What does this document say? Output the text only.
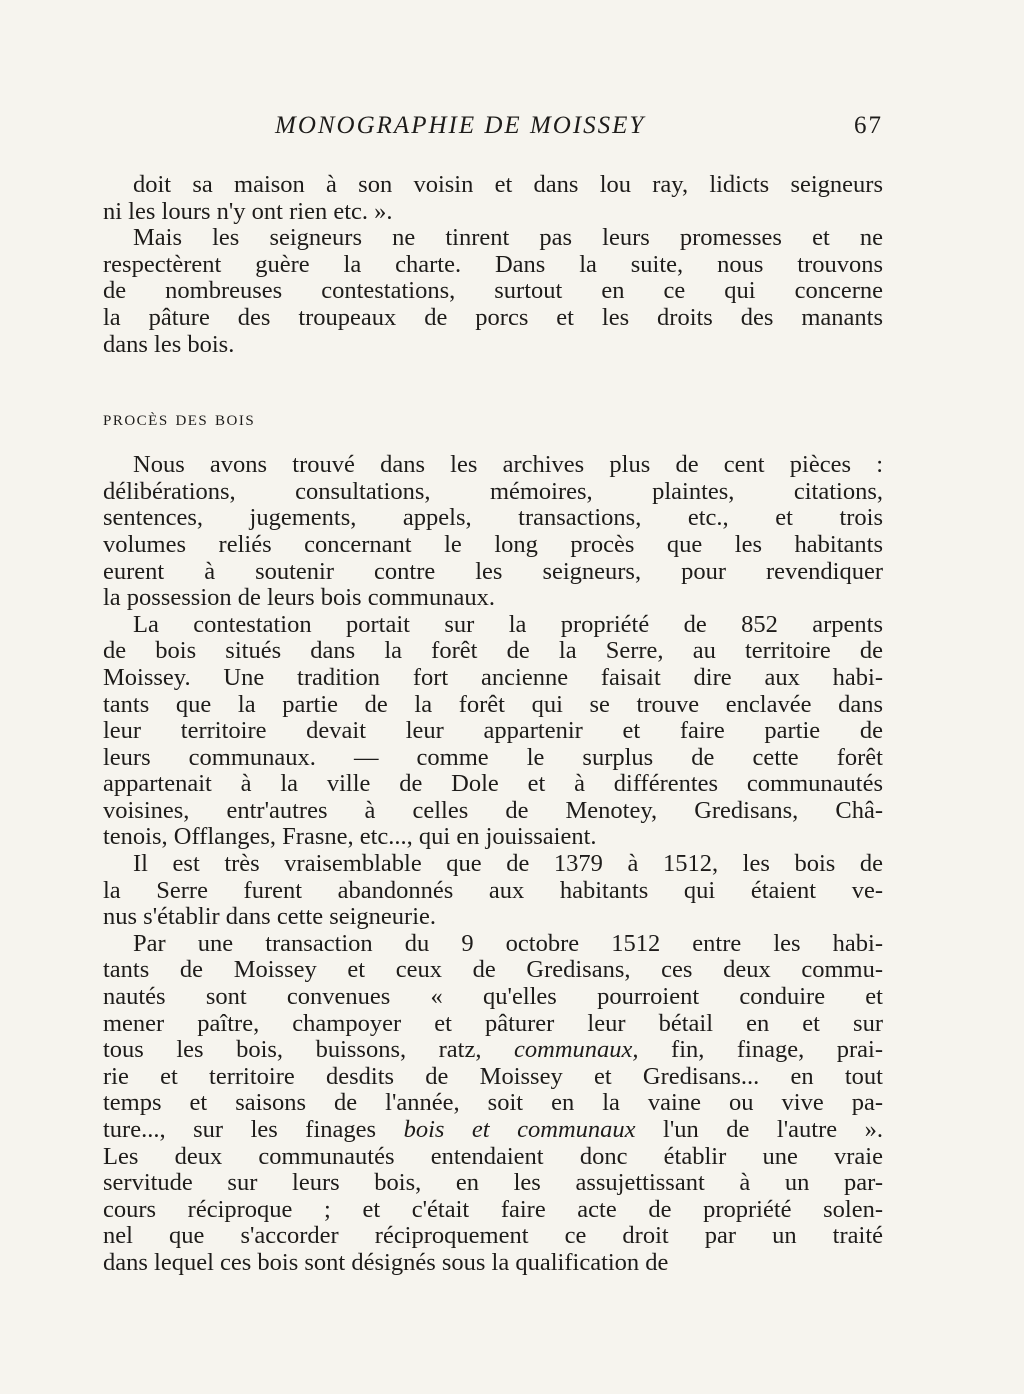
MONOGRAPHIE DE MOISSEY	67
doit sa maison à son voisin et dans lou ray, lidicts seigneurs
ni les lours n'y ont rien etc. ».
Mais les seigneurs ne tinrent pas leurs promesses et ne
respectèrent guère la charte. Dans la suite, nous trouvons
de nombreuses contestations, surtout en ce qui concerne
la pâture des troupeaux de porcs et les droits des manants
dans les bois.
procès des bois
Nous avons trouvé dans les archives plus de cent pièces :
délibérations, consultations, mémoires, plaintes, citations,
sentences, jugements, appels, transactions, etc., et trois
volumes reliés concernant le long procès que les habitants
eurent à soutenir contre les seigneurs, pour revendiquer
la possession de leurs bois communaux.
La contestation portait sur la propriété de 852 arpents
de bois situés dans la forêt de la Serre, au territoire de
Moissey. Une tradition fort ancienne faisait dire aux habi-
tants que la partie de la forêt qui se trouve enclavée dans
leur territoire devait leur appartenir et faire partie de
leurs communaux. — comme le surplus de cette forêt
appartenait à la ville de Dole et à différentes communautés
voisines, entr'autres à celles de Menotey, Gredisans, Châ-
tenois, Offlanges, Frasne, etc..., qui en jouissaient.
Il est très vraisemblable que de 1379 à 1512, les bois de
la Serre furent abandonnés aux habitants qui étaient ve-
nus s'établir dans cette seigneurie.
Par une transaction du 9 octobre 1512 entre les habi-
tants de Moissey et ceux de Gredisans, ces deux commu-
nautés sont convenues « qu'elles pourroient conduire et
mener paître, champoyer et pâturer leur bétail en et sur
tous les bois, buissons, ratz, communaux, fin, finage, prai-
rie et territoire desdits de Moissey et Gredisans... en tout
temps et saisons de l'année, soit en la vaine ou vive pa-
ture..., sur les finages bois et communaux l'un de l'autre ».
Les deux communautés entendaient donc établir une vraie
servitude sur leurs bois, en les assujettissant à un par-
cours réciproque ; et c'était faire acte de propriété solen-
nel que s'accorder réciproquement ce droit par un traité
dans lequel ces bois sont désignés sous la qualification de
